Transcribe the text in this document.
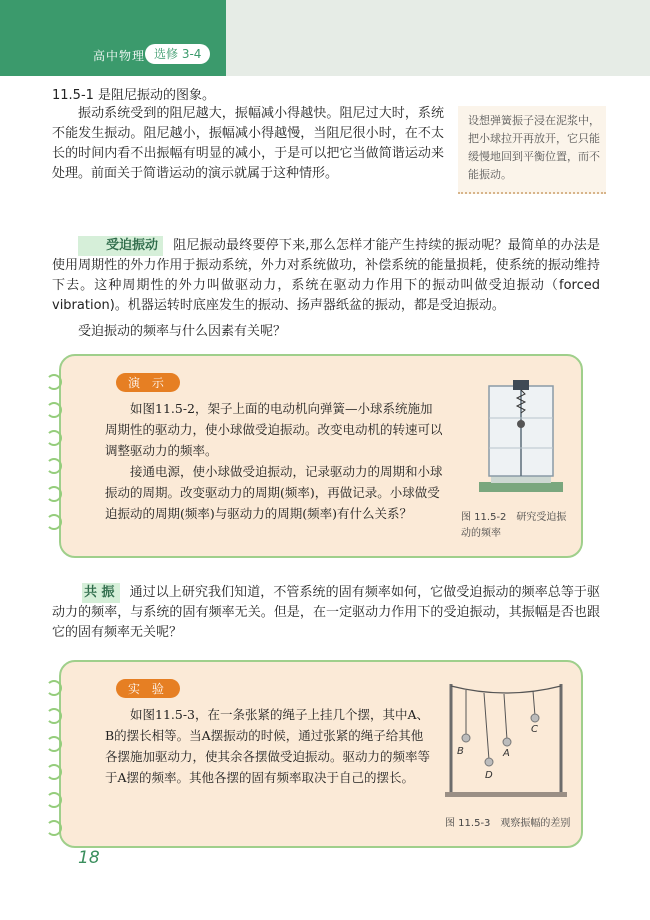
高中物理 选修 3-4
11.5-1 是阻尼振动的图象。
振动系统受到的阻尼越大，振幅减小得越快。阻尼过大时，系统不能发生振动。阻尼越小，振幅减小得越慢，当阻尼很小时，在不太长的时间内看不出振幅有明显的减小，于是可以把它当做简谐运动来处理。前面关于简谐运动的演示就属于这种情形。
设想弹簧振子浸在泥浆中，把小球拉开再放开，它只能缓慢地回到平衡位置，而不能振动。
受迫振动 阻尼振动最终要停下来,那么怎样才能产生持续的振动呢？最简单的办法是使用周期性的外力作用于振动系统，外力对系统做功，补偿系统的能量损耗，使系统的振动维持下去。这种周期性的外力叫做驱动力，系统在驱动力作用下的振动叫做受迫振动（forced vibration)。机器运转时底座发生的振动、扬声器纸盆的振动，都是受迫振动。
受迫振动的频率与什么因素有关呢？
演 示

如图11.5-2，架子上面的电动机向弹簧—小球系统施加周期性的驱动力，使小球做受迫振动。改变电动机的转速可以调整驱动力的频率。

接通电源，使小球做受迫振动，记录驱动力的周期和小球振动的周期。改变驱动力的周期(频率)，再做记录。小球做受迫振动的周期(频率)与驱动力的周期(频率)有什么关系？	图 11.5-2　 研究受迫振动的频率
共 振 通过以上研究我们知道，不管系统的固有频率如何，它做受迫振动的频率总等于驱动力的频率，与系统的固有频率无关。但是，在一定驱动力作用下的受迫振动，其振幅是否也跟它的固有频率无关呢？
实 验

如图11.5-3，在一条张紧的绳子上挂几个摆，其中A、B的摆长相等。当A摆振动的时候，通过张紧的绳子给其他各摆施加驱动力，使其余各摆做受迫振动。驱动力的频率等于A摆的频率。其他各摆的固有频率取决于自己的摆长。

B
D
A
C
图 11.5-3　观察振幅的差别
18
